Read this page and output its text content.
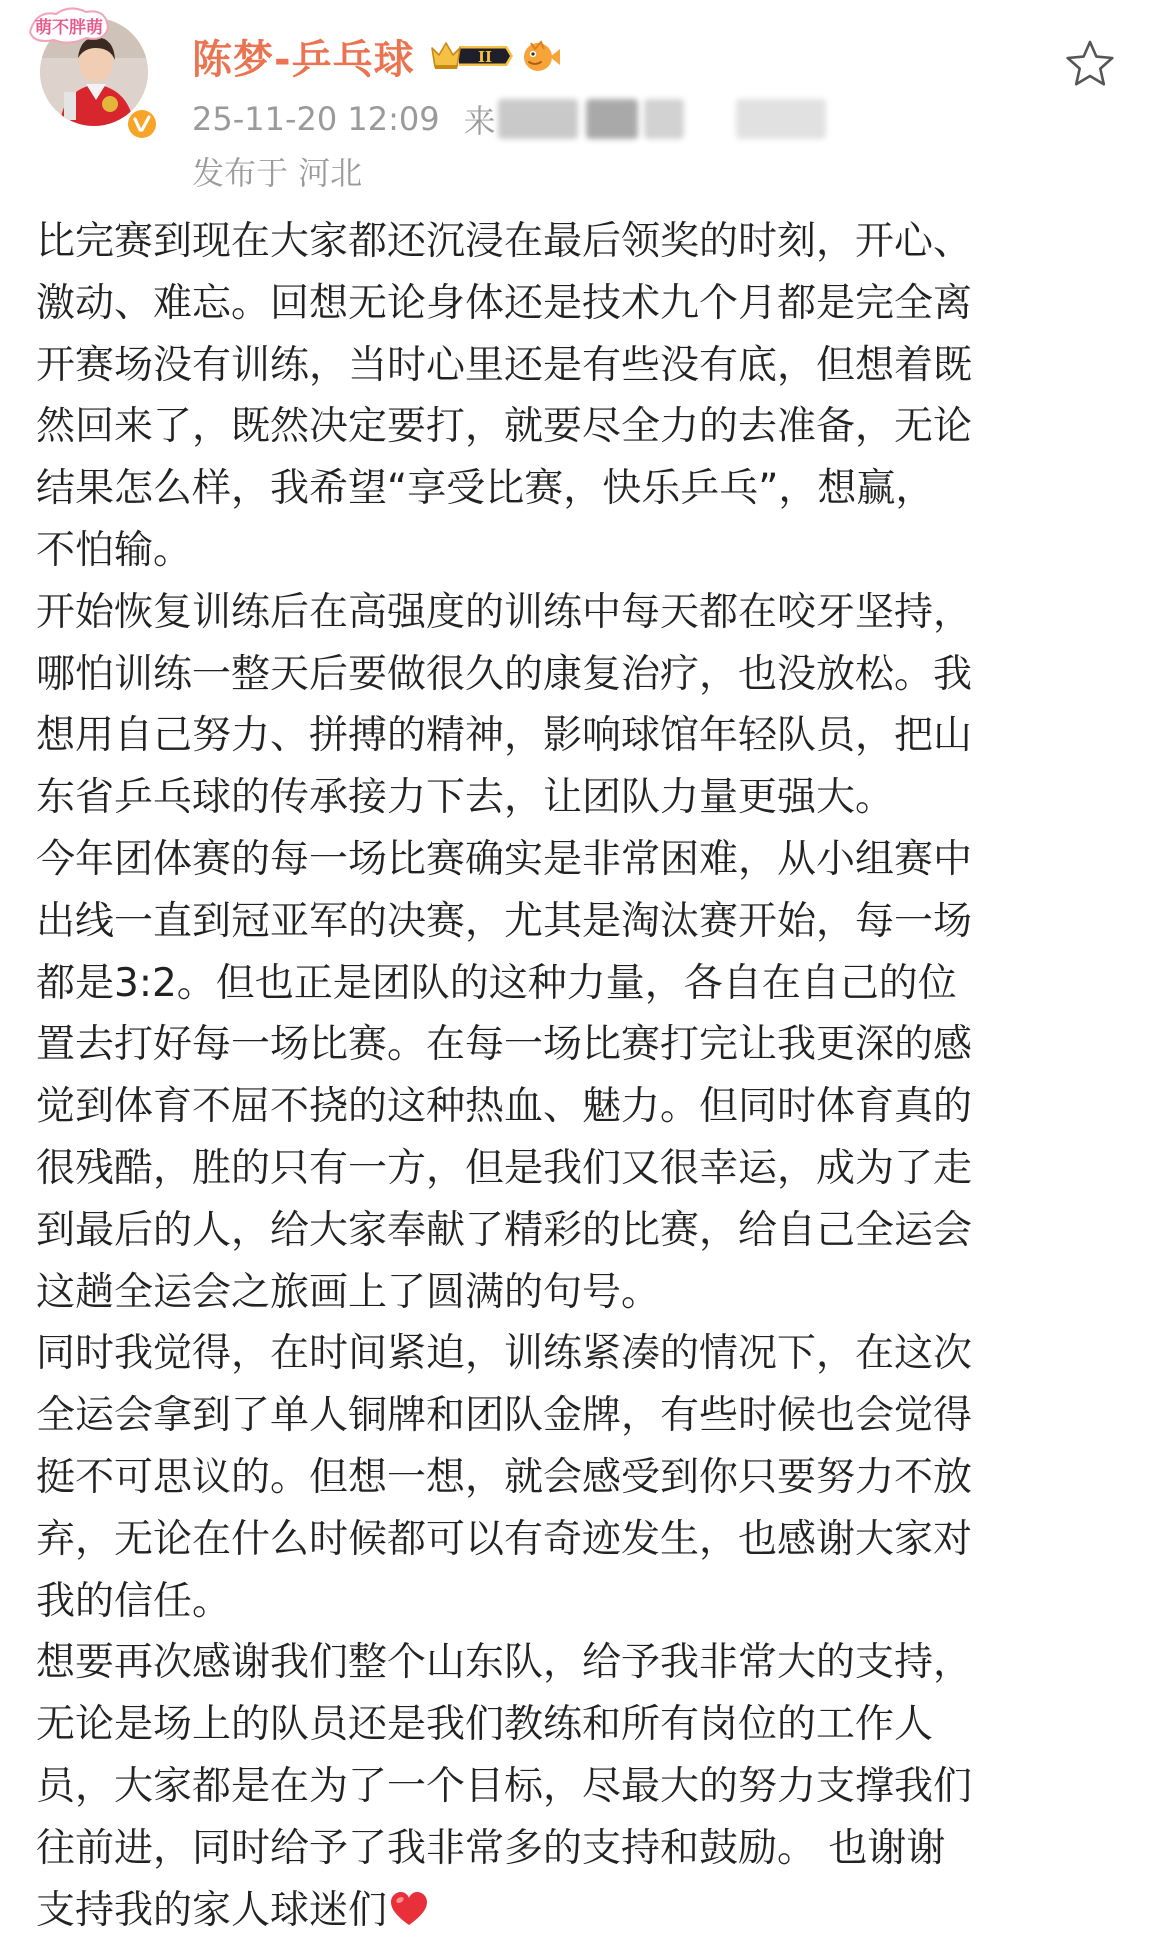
萌不胖萌
陈梦-乒乓球	II
25-11-20 12:09 来
发布于 河北
比完赛到现在大家都还沉浸在最后领奖的时刻，开心、
激动、难忘。回想无论身体还是技术九个月都是完全离
开赛场没有训练，当时心里还是有些没有底，但想着既
然回来了，既然决定要打，就要尽全力的去准备，无论
结果怎么样，我希望“享受比赛，快乐乒乓”，想赢，
不怕输。
开始恢复训练后在高强度的训练中每天都在咬牙坚持，
哪怕训练一整天后要做很久的康复治疗，也没放松。我
想用自己努力、拼搏的精神，影响球馆年轻队员，把山
东省乒乓球的传承接力下去，让团队力量更强大。
今年团体赛的每一场比赛确实是非常困难，从小组赛中
出线一直到冠亚军的决赛，尤其是淘汰赛开始，每一场
都是3:2。但也正是团队的这种力量，各自在自己的位
置去打好每一场比赛。在每一场比赛打完让我更深的感
觉到体育不屈不挠的这种热血、魅力。但同时体育真的
很残酷，胜的只有一方，但是我们又很幸运，成为了走
到最后的人，给大家奉献了精彩的比赛，给自己全运会
这趟全运会之旅画上了圆满的句号。
同时我觉得，在时间紧迫，训练紧凑的情况下，在这次
全运会拿到了单人铜牌和团队金牌，有些时候也会觉得
挺不可思议的。但想一想，就会感受到你只要努力不放
弃，无论在什么时候都可以有奇迹发生，也感谢大家对
我的信任。
想要再次感谢我们整个山东队，给予我非常大的支持，
无论是场上的队员还是我们教练和所有岗位的工作人
员，大家都是在为了一个目标，尽最大的努力支撑我们
往前进，同时给予了我非常多的支持和鼓励。 也谢谢
支持我的家人球迷们
